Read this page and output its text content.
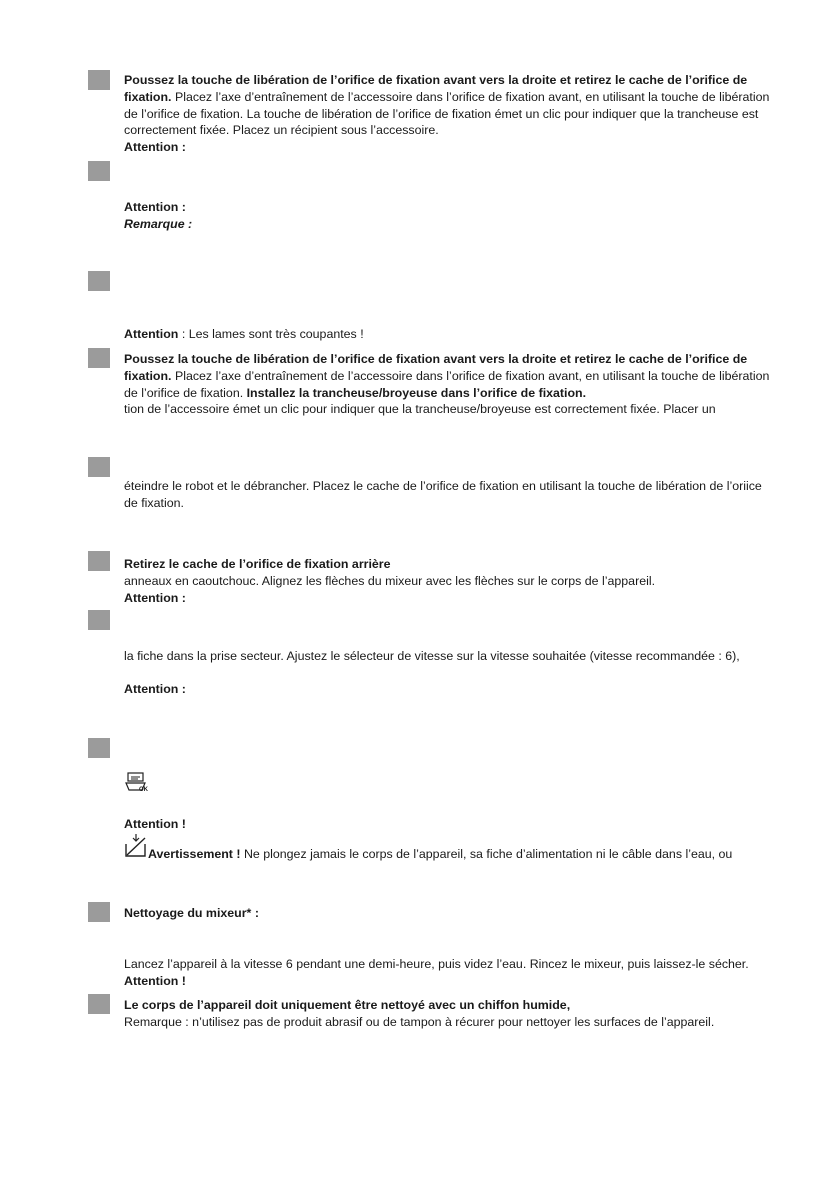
Poussez la touche de libération de l’orifice de fixation avant vers la droite et retirez le cache de l’orifice de fixation. Placez l’axe d’entraînement de l’accessoire dans l’orifice de fixation avant, en utilisant la touche de libération de l’orifice de fixation. La touche de libération de l’orifice de fixation émet un clic pour indiquer que la trancheuse est correctement fixée. Placez un récipient sous l’accessoire.

Attention :

Attention :

Remarque :

Attention : Les lames sont très coupantes !

Poussez la touche de libération de l’orifice de fixation avant vers la droite et retirez le cache de l’orifice de fixation. Placez l’axe d’entraînement de l’accessoire dans l’orifice de fixation avant, en utilisant la touche de libération de l’orifice de fixation. Installez la trancheuse/broyeuse dans l’orifice de fixation.

tion de l’accessoire émet un clic pour indiquer que la trancheuse/broyeuse est correctement fixée. Placer un

éteindre le robot et le débrancher. Placez le cache de l’orifice de fixation en utilisant la touche de libération de l’oriice de fixation.

Retirez le cache de l’orifice de fixation arrière

anneaux en caoutchouc. Alignez les flèches du mixeur avec les flèches sur le corps de l’appareil.

Attention :

la fiche dans la prise secteur. Ajustez le sélecteur de vitesse sur la vitesse souhaitée (vitesse recommandée : 6),

Attention :

OK

Attention !

Avertissement ! Ne plongez jamais le corps de l’appareil, sa fiche d’alimentation ni le câble dans l’eau, ou

Nettoyage du mixeur* :

Lancez l’appareil à la vitesse 6 pendant une demi-heure, puis videz l’eau. Rincez le mixeur, puis laissez-le sécher.

Attention !

Le corps de l’appareil doit uniquement être nettoyé avec un chiffon humide,

Remarque : n’utilisez pas de produit abrasif ou de tampon à récurer pour nettoyer les surfaces de l’appareil.
